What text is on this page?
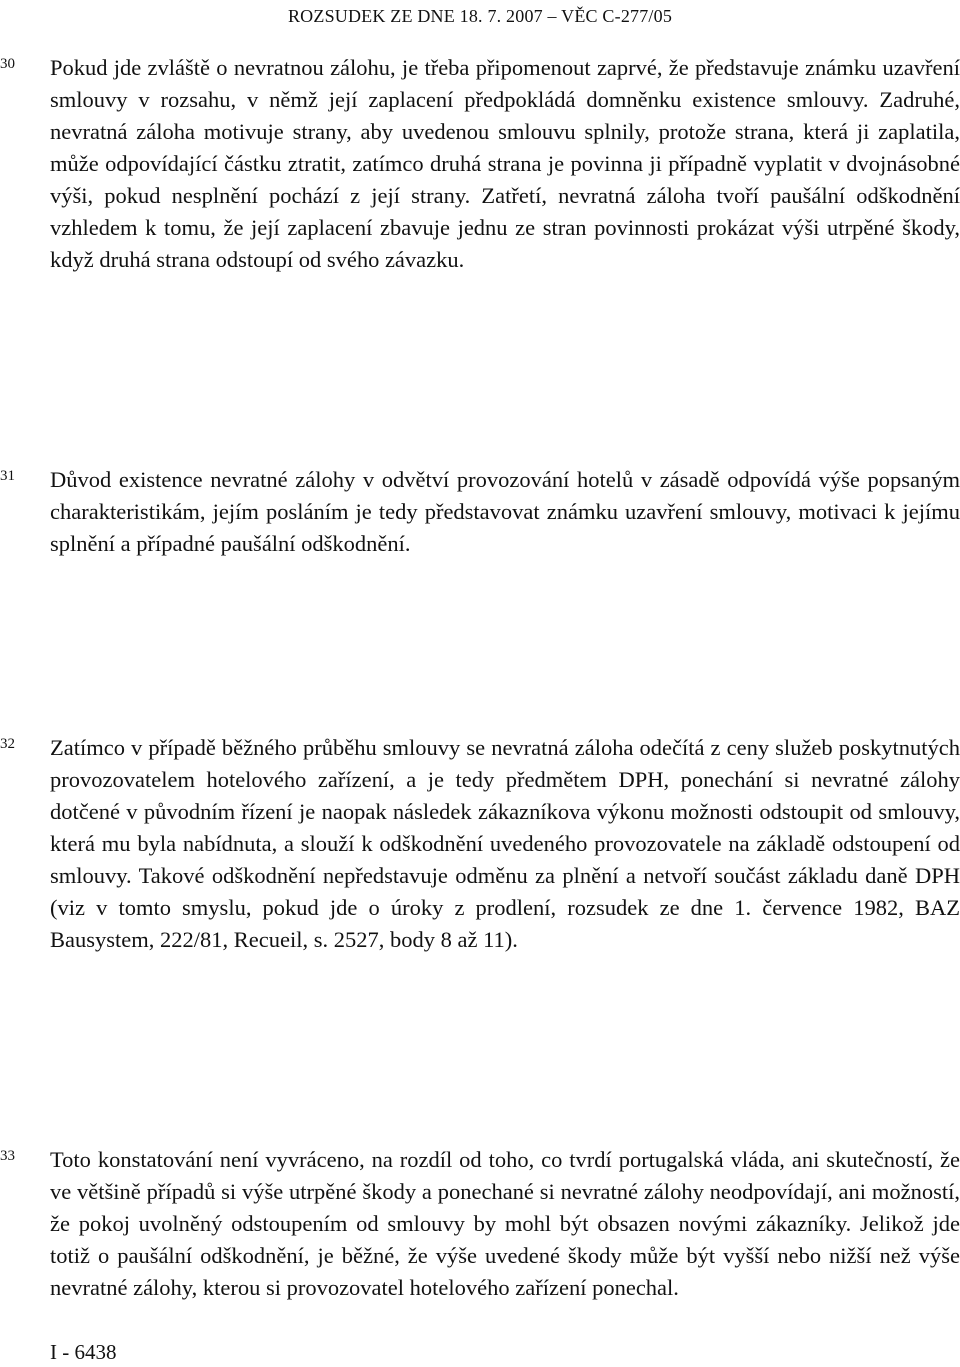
ROZSUDEK ZE DNE 18. 7. 2007 – VĚC C-277/05
30	Pokud jde zvláště o nevratnou zálohu, je třeba připomenout zaprvé, že představuje známku uzavření smlouvy v rozsahu, v němž její zaplacení předpokládá domněnku existence smlouvy. Zadruhé, nevratná záloha motivuje strany, aby uvedenou smlouvu splnily, protože strana, která ji zaplatila, může odpovídající částku ztratit, zatímco druhá strana je povinna ji případně vyplatit v dvojnásobné výši, pokud nesplnění pochází z její strany. Zatřetí, nevratná záloha tvoří paušální odškodnění vzhledem k tomu, že její zaplacení zbavuje jednu ze stran povinnosti prokázat výši utrpěné škody, když druhá strana odstoupí od svého závazku.

31	Důvod existence nevratné zálohy v odvětví provozování hotelů v zásadě odpovídá výše popsaným charakteristikám, jejím posláním je tedy představovat známku uzavření smlouvy, motivaci k jejímu splnění a případné paušální odškodnění.

32	Zatímco v případě běžného průběhu smlouvy se nevratná záloha odečítá z ceny služeb poskytnutých provozovatelem hotelového zařízení, a je tedy předmětem DPH, ponechání si nevratné zálohy dotčené v původním řízení je naopak následek zákazníkova výkonu možnosti odstoupit od smlouvy, která mu byla nabídnuta, a slouží k odškodnění uvedeného provozovatele na základě odstoupení od smlouvy. Takové odškodnění nepředstavuje odměnu za plnění a netvoří součást základu daně DPH (viz v tomto smyslu, pokud jde o úroky z prodlení, rozsudek ze dne 1. července 1982, BAZ Bausystem, 222/81, Recueil, s. 2527, body 8 až 11).

33	Toto konstatování není vyvráceno, na rozdíl od toho, co tvrdí portugalská vláda, ani skutečností, že ve většině případů si výše utrpěné škody a ponechané si nevratné zálohy neodpovídají, ani možností, že pokoj uvolněný odstoupením od smlouvy by mohl být obsazen novými zákazníky. Jelikož jde totiž o paušální odškodnění, je běžné, že výše uvedené škody může být vyšší nebo nižší než výše nevratné zálohy, kterou si provozovatel hotelového zařízení ponechal.

I - 6438
